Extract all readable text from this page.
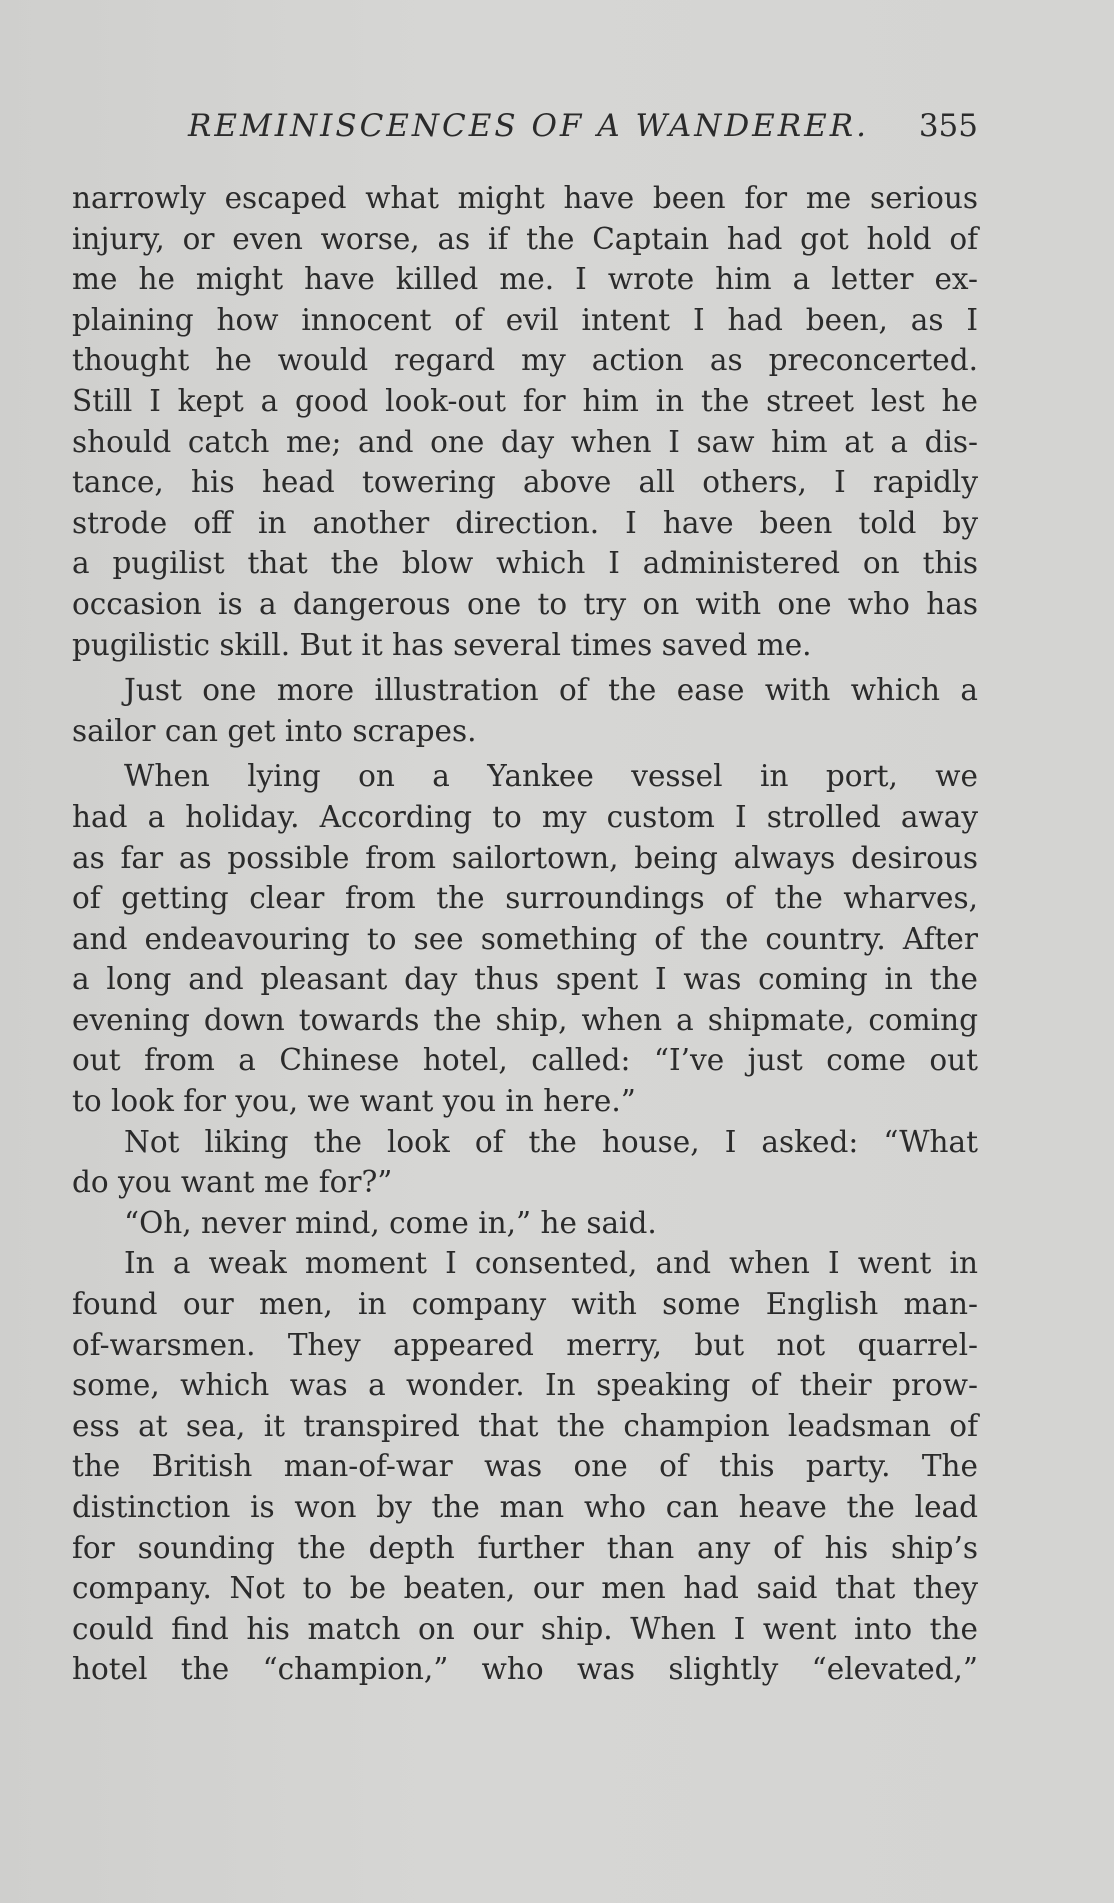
REMINISCENCES OF A WANDERER. 355
narrowly escaped what might have been for me serious
injury, or even worse, as if the Captain had got hold of
me he might have killed me. I wrote him a letter ex-
plaining how innocent of evil intent I had been, as I
thought he would regard my action as preconcerted.
Still I kept a good look-out for him in the street lest he
should catch me; and one day when I saw him at a dis-
tance, his head towering above all others, I rapidly
strode off in another direction. I have been told by
a pugilist that the blow which I administered on this
occasion is a dangerous one to try on with one who has
pugilistic skill. But it has several times saved me.
Just one more illustration of the ease with which a
sailor can get into scrapes.
When lying on a Yankee vessel in port, we
had a holiday. According to my custom I strolled away
as far as possible from sailortown, being always desirous
of getting clear from the surroundings of the wharves,
and endeavouring to see something of the country. After
a long and pleasant day thus spent I was coming in the
evening down towards the ship, when a shipmate, coming
out from a Chinese hotel, called: “I’ve just come out
to look for you, we want you in here.”
Not liking the look of the house, I asked: “What
do you want me for?”
“Oh, never mind, come in,” he said.
In a weak moment I consented, and when I went in
found our men, in company with some English man-
of-warsmen. They appeared merry, but not quarrel-
some, which was a wonder. In speaking of their prow-
ess at sea, it transpired that the champion leadsman of
the British man-of-war was one of this party. The
distinction is won by the man who can heave the lead
for sounding the depth further than any of his ship’s
company. Not to be beaten, our men had said that they
could find his match on our ship. When I went into the
hotel the “champion,” who was slightly “elevated,”
